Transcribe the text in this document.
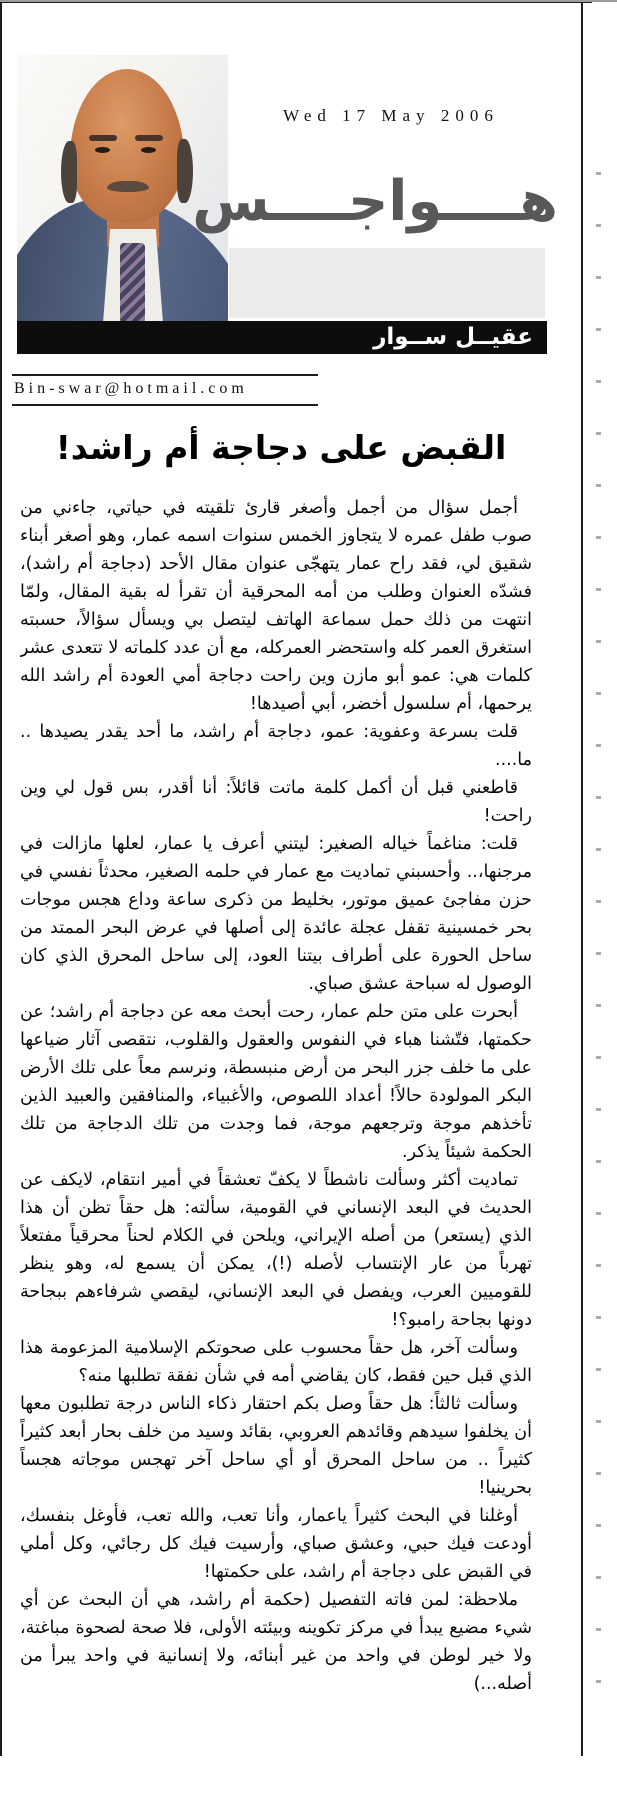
Wed 17 May 2006
هــــواجــــس
عقيــل ســوار
Bin-swar@hotmail.com
القبض على دجاجة أم راشد!

أجمل سؤال من أجمل وأصغر قارئ تلقيته في حياتي، جاءني من صوب طفل عمره لا يتجاوز الخمس سنوات اسمه عمار، وهو أصغر أبناء شقيق لي، فقد راح عمار يتهجّى عنوان مقال الأحد (دجاجة أم راشد)، فشدّه العنوان وطلب من أمه المحرقية أن تقرأ له بقية المقال، ولمّا انتهت من ذلك حمل سماعة الهاتف ليتصل بي ويسأل سؤالاً، حسبته استغرق العمر كله واستحضر العمركله، مع أن عدد كلماته لا تتعدى عشر كلمات هي: عمو أبو مازن وين راحت دجاجة أمي العودة أم راشد الله يرحمها، أم سلسول أخضر، أبي أصيدها!

قلت بسرعة وعفوية: عمو، دجاجة أم راشد، ما أحد يقدر يصيدها .. ما....

قاطعني قبل أن أكمل كلمة ماتت قائلاً: أنا أقدر، بس قول لي وين راحت!

قلت: مناغماً خياله الصغير: ليتني أعرف يا عمار، لعلها مازالت في مرجنها،.. وأحسبني تماديت مع عمار في حلمه الصغير، محدثاً نفسي في حزن مفاجئ عميق موتور، بخليط من ذكرى ساعة وداع هجس موجات بحر خمسينية تقفل عجلة عائدة إلى أصلها في عرض البحر الممتد من ساحل الحورة على أطراف بيتنا العود، إلى ساحل المحرق الذي كان الوصول له سباحة عشق صباي.

أبحرت على متن حلم عمار، رحت أبحث معه عن دجاجة أم راشد؛ عن حكمتها، فتّشنا هباء في النفوس والعقول والقلوب، نتقصى آثار ضياعها على ما خلف جزر البحر من أرض منبسطة، ونرسم معاً على تلك الأرض البكر المولودة حالاً! أعداد اللصوص، والأغبياء، والمنافقين والعبيد الذين تأخذهم موجة وترجعهم موجة، فما وجدت من تلك الدجاجة من تلك الحكمة شيئاً يذكر.

تماديت أكثر وسألت ناشطاً لا يكفّ تعشقاً في أمير انتقام، لايكف عن الحديث في البعد الإنساني في القومية، سألته: هل حقاً تظن أن هذا الذي (يستعر) من أصله الإيراني، ويلحن في الكلام لحناً محرقياً مفتعلاً تهرباً من عار الإنتساب لأصله (!)، يمكن أن يسمع له، وهو ينظر للقوميين العرب، ويفصل في البعد الإنساني، ليقصي شرفاءهم ببجاحة دونها بجاحة رامبو؟!

وسألت آخر، هل حقاً محسوب على صحوتكم الإسلامية المزعومة هذا الذي قبل حين فقط، كان يقاضي أمه في شأن نفقة تطلبها منه؟

وسألت ثالثاً: هل حقاً وصل بكم احتقار ذكاء الناس درجة تطلبون معها أن يخلفوا سيدهم وقائدهم العروبي، بقائد وسيد من خلف بحار أبعد كثيراً كثيراً .. من ساحل المحرق أو أي ساحل آخر تهجس موجاته هجساً بحرينيا!

أوغلنا في البحث كثيراً ياعمار، وأنا تعب، والله تعب، فأوغل بنفسك، أودعت فيك حبي، وعشق صباي، وأرسيت فيك كل رجائي، وكل أملي في القبض على دجاجة أم راشد، على حكمتها!

ملاحظة: لمن فاته التفصيل (حكمة أم راشد، هي أن البحث عن أي شيء مضيع يبدأ في مركز تكوينه وبيئته الأولى، فلا صحة لصحوة مباغتة، ولا خير لوطن في واحد من غير أبنائه، ولا إنسانية في واحد يبرأ من أصله...)
